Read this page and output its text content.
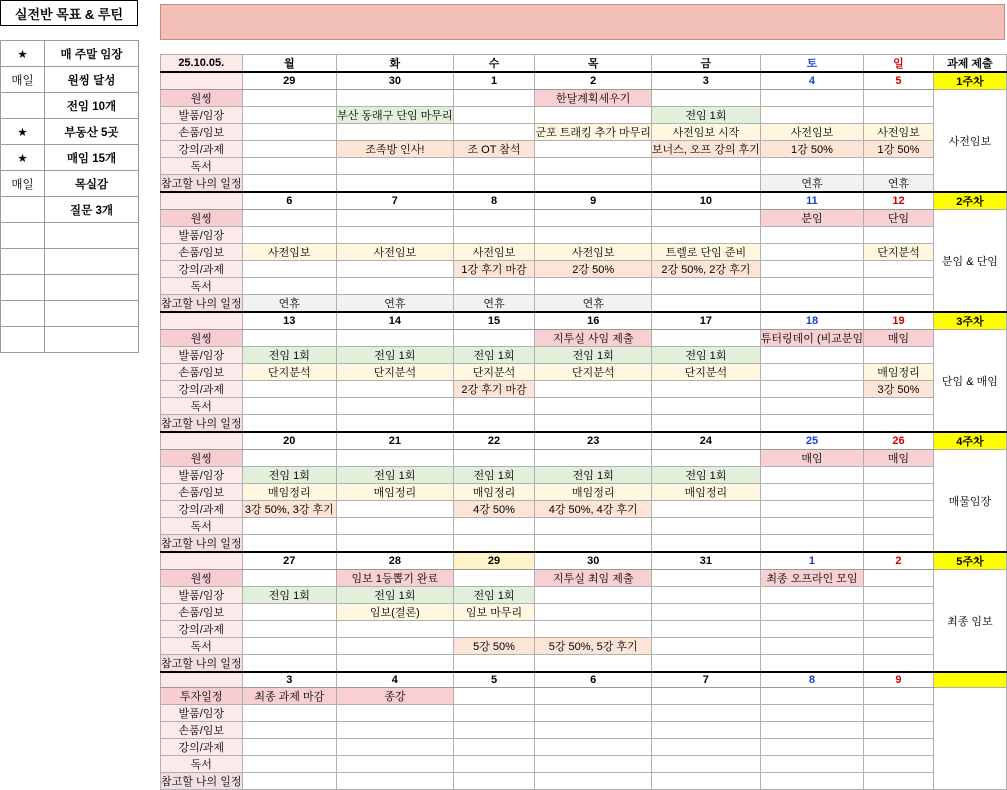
실전반 목표 & 루틴
★	매 주말 임장
매일	원씽 달성
	전임 10개
★	부동산 5곳
★	매임 15개
매일	목실감
	질문 3개

25.10.05.	월	화	수	목	금	토	일	과제 제출
	29	30	1	2	3	4	5	1주차
원씽				한달계획세우기				사전임보
발품/임장		부산 동래구 단임 마무리			전임 1회			
손품/임보				군포 트래킹 추가 마무리	사전임보 시작	사전임보	사전임보	
강의/과제		조족방 인사!	조 OT 참석		보너스, 오프 강의 후기	1강 50%	1강 50%	
독서								
참고할 나의 일정						연휴	연휴	
	6	7	8	9	10	11	12	2주차
원씽						분임	단임	분임 & 단임
발품/임장								
손품/임보	사전임보	사전임보	사전임보	사전임보	트렐로 단임 준비		단지분석	
강의/과제			1강 후기 마감	2강 50%	2강 50%, 2강 후기			
독서								
참고할 나의 일정	연휴	연휴	연휴	연휴				
	13	14	15	16	17	18	19	3주차
원씽				지투실 사임 제출		튜터링데이 (비교분임	매임	단임 & 매임
발품/임장	전임 1회	전임 1회	전임 1회	전임 1회	전임 1회			
손품/임보	단지분석	단지분석	단지분석	단지분석	단지분석		매임정리	
강의/과제			2강 후기 마감				3강 50%	
독서								
참고할 나의 일정								
	20	21	22	23	24	25	26	4주차
원씽						매임	매임	매물임장
발품/임장	전임 1회	전임 1회	전임 1회	전임 1회	전임 1회			
손품/임보	매임정리	매임정리	매임정리	매임정리	매임정리			
강의/과제	3강 50%, 3강 후기		4강 50%	4강 50%, 4강 후기				
독서								
참고할 나의 일정								
	27	28	29	30	31	1	2	5주차
원씽		임보 1등뽑기 완료		지투실 최임 제출		최종 오프라인 모임		최종 임보
발품/임장	전임 1회	전임 1회	전임 1회					
손품/임보		임보(결론)	임보 마무리					
강의/과제								
독서			5강 50%	5강 50%, 5강 후기				
참고할 나의 일정								
	3	4	5	6	7	8	9	
투자일정	최종 과제 마감	종강						
발품/임장								
손품/임보								
강의/과제								
독서								
참고할 나의 일정								
